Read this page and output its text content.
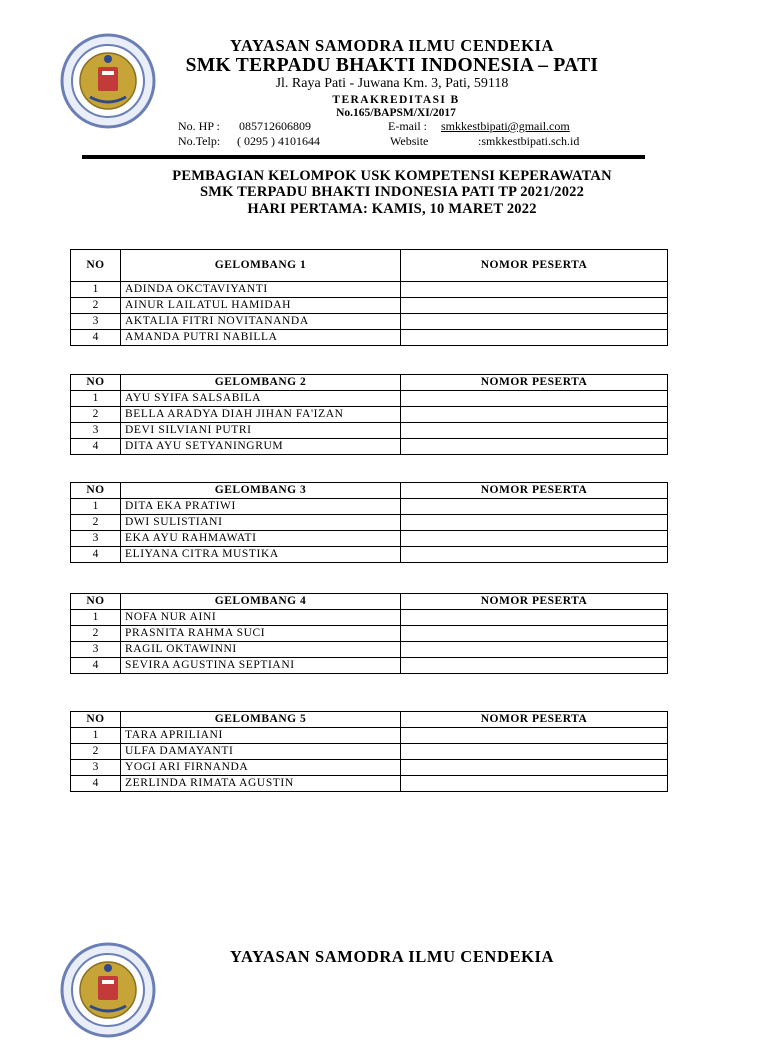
YAYASAN SAMODRA ILMU CENDEKIA
SMK TERPADU BHAKTI INDONESIA – PATI
Jl. Raya Pati - Juwana Km. 3, Pati, 59118
TERAKREDITASI B
No.165/BAPSM/XI/2017
No. HP : 085712606809	E-mail : smkkestbipati@gmail.com
No.Telp: ( 0295 ) 4101644	Website	:smkkestbipati.sch.id
PEMBAGIAN KELOMPOK USK KOMPETENSI KEPERAWATAN
SMK TERPADU BHAKTI INDONESIA PATI TP 2021/2022
HARI PERTAMA: KAMIS, 10 MARET 2022
NO	GELOMBANG 1	NOMOR PESERTA
1	ADINDA OKCTAVIYANTI	
2	AINUR LAILATUL HAMIDAH	
3	AKTALIA FITRI NOVITANANDA	
4	AMANDA PUTRI NABILLA	
NO	GELOMBANG 2	NOMOR PESERTA
1	AYU SYIFA SALSABILA	
2	BELLA ARADYA DIAH JIHAN FA'IZAN	
3	DEVI SILVIANI PUTRI	
4	DITA AYU SETYANINGRUM	
NO	GELOMBANG 3	NOMOR PESERTA
1	DITA EKA PRATIWI	
2	DWI SULISTIANI	
3	EKA AYU RAHMAWATI	
4	ELIYANA CITRA MUSTIKA	
NO	GELOMBANG 4	NOMOR PESERTA
1	NOFA NUR AINI	
2	PRASNITA RAHMA SUCI	
3	RAGIL OKTAWINNI	
4	SEVIRA AGUSTINA SEPTIANI	
NO	GELOMBANG 5	NOMOR PESERTA
1	TARA APRILIANI	
2	ULFA DAMAYANTI	
3	YOGI ARI FIRNANDA	
4	ZERLINDA RIMATA AGUSTIN	
YAYASAN SAMODRA ILMU CENDEKIA
